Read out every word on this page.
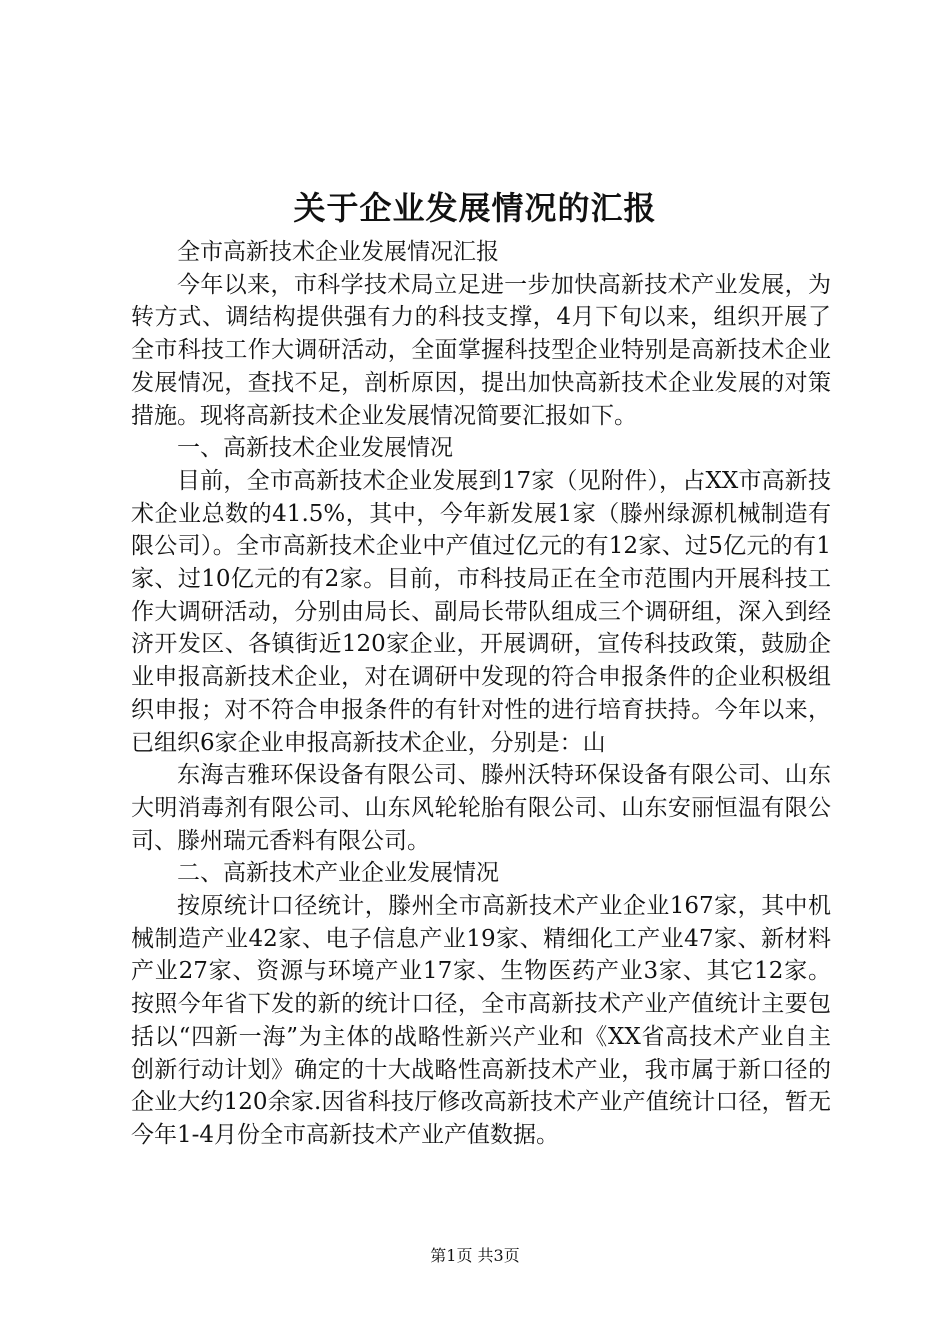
关于企业发展情况的汇报

全市高新技术企业发展情况汇报

今年以来，市科学技术局立足进一步加快高新技术产业发展，为转方式、调结构提供强有力的科技支撑，4月下旬以来，组织开展了全市科技工作大调研活动，全面掌握科技型企业特别是高新技术企业发展情况，查找不足，剖析原因，提出加快高新技术企业发展的对策措施。现将高新技术企业发展情况简要汇报如下。

一、高新技术企业发展情况

目前，全市高新技术企业发展到17家（见附件），占XX市高新技术企业总数的41.5%，其中，今年新发展1家（滕州绿源机械制造有限公司）。全市高新技术企业中产值过亿元的有12家、过5亿元的有1家、过10亿元的有2家。目前，市科技局正在全市范围内开展科技工作大调研活动，分别由局长、副局长带队组成三个调研组，深入到经济开发区、各镇街近120家企业，开展调研，宣传科技政策，鼓励企业申报高新技术企业，对在调研中发现的符合申报条件的企业积极组织申报；对不符合申报条件的有针对性的进行培育扶持。今年以来，已组织6家企业申报高新技术企业，分别是：山

东海吉雅环保设备有限公司、滕州沃特环保设备有限公司、山东大明消毒剂有限公司、山东风轮轮胎有限公司、山东安丽恒温有限公司、滕州瑞元香料有限公司。

二、高新技术产业企业发展情况

按原统计口径统计，滕州全市高新技术产业企业167家，其中机械制造产业42家、电子信息产业19家、精细化工产业47家、新材料产业27家、资源与环境产业17家、生物医药产业3家、其它12家。按照今年省下发的新的统计口径，全市高新技术产业产值统计主要包括以“四新一海”为主体的战略性新兴产业和《XX省高技术产业自主创新行动计划》确定的十大战略性高新技术产业，我市属于新口径的企业大约120余家.因省科技厅修改高新技术产业产值统计口径，暂无今年1-4月份全市高新技术产业产值数据。

第1页 共3页
